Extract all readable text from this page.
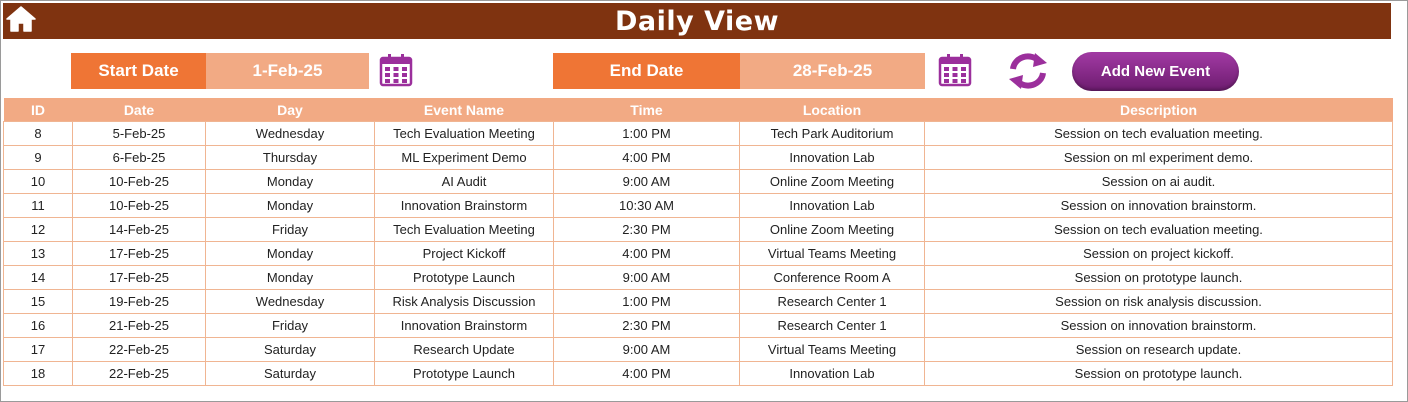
Daily View
Start Date	1-Feb-25	End Date	28-Feb-25	Add New Event
ID	Date	Day	Event Name	Time	Location	Description
8	5-Feb-25	Wednesday	Tech Evaluation Meeting	1:00 PM	Tech Park Auditorium	Session on tech evaluation meeting.
9	6-Feb-25	Thursday	ML Experiment Demo	4:00 PM	Innovation Lab	Session on ml experiment demo.
10	10-Feb-25	Monday	AI Audit	9:00 AM	Online Zoom Meeting	Session on ai audit.
11	10-Feb-25	Monday	Innovation Brainstorm	10:30 AM	Innovation Lab	Session on innovation brainstorm.
12	14-Feb-25	Friday	Tech Evaluation Meeting	2:30 PM	Online Zoom Meeting	Session on tech evaluation meeting.
13	17-Feb-25	Monday	Project Kickoff	4:00 PM	Virtual Teams Meeting	Session on project kickoff.
14	17-Feb-25	Monday	Prototype Launch	9:00 AM	Conference Room A	Session on prototype launch.
15	19-Feb-25	Wednesday	Risk Analysis Discussion	1:00 PM	Research Center 1	Session on risk analysis discussion.
16	21-Feb-25	Friday	Innovation Brainstorm	2:30 PM	Research Center 1	Session on innovation brainstorm.
17	22-Feb-25	Saturday	Research Update	9:00 AM	Virtual Teams Meeting	Session on research update.
18	22-Feb-25	Saturday	Prototype Launch	4:00 PM	Innovation Lab	Session on prototype launch.
